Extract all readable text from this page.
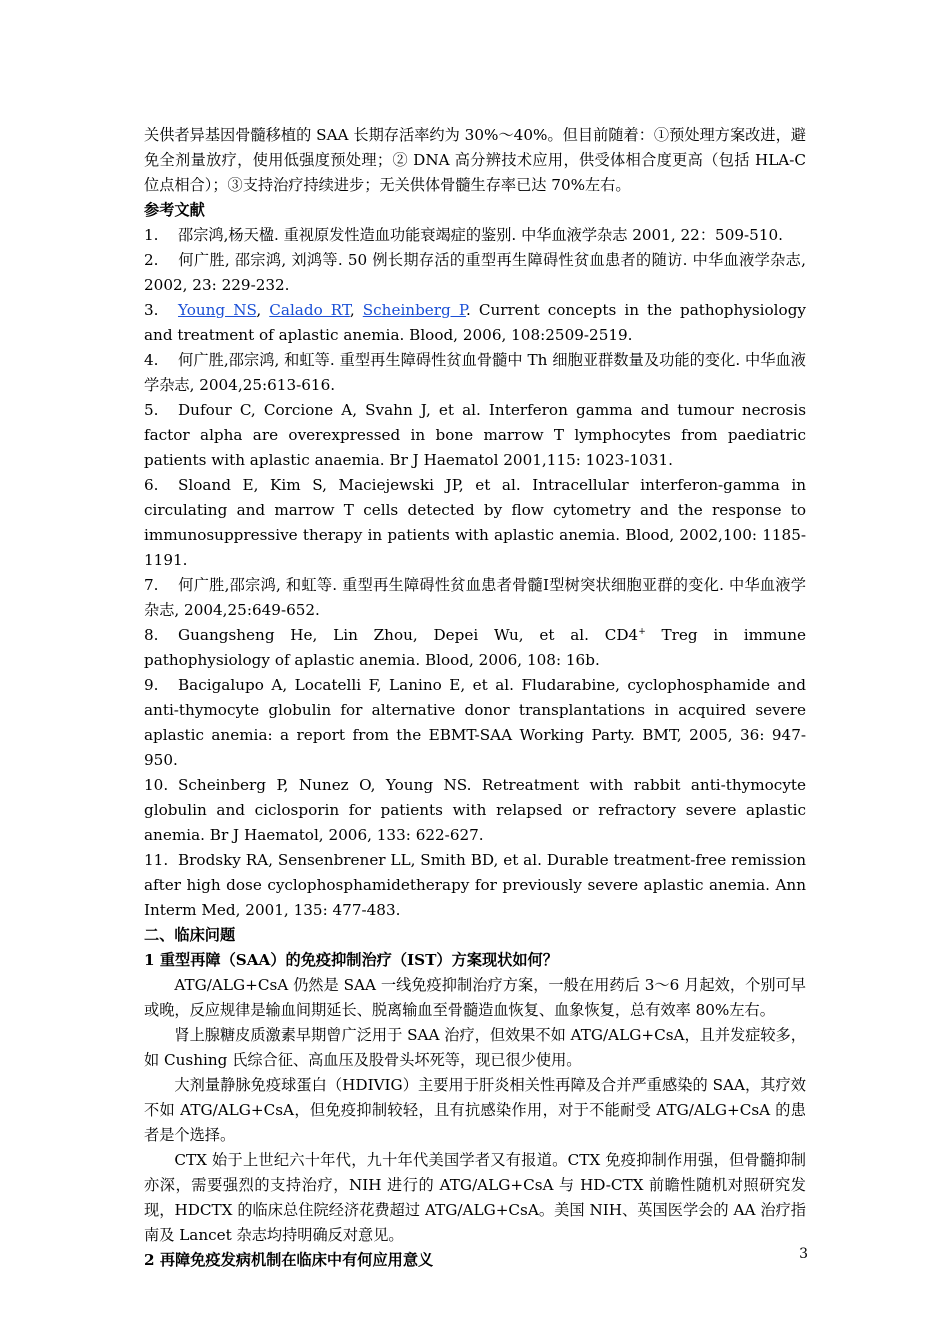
关供者异基因骨髓移植的 SAA 长期存活率约为 30%～40%。但目前随着：①预处理方案改进，避免全剂量放疗，使用低强度预处理；② DNA 高分辨技术应用，供受体相合度更高（包括 HLA-C 位点相合）；③支持治疗持续进步；无关供体骨髓生存率已达 70%左右。

参考文献

1. 邵宗鸿,杨天楹. 重视原发性造血功能衰竭症的鉴别. 中华血液学杂志 2001, 22：509-510.

2. 何广胜, 邵宗鸿, 刘鸿等. 50 例长期存活的重型再生障碍性贫血患者的随访. 中华血液学杂志, 2002, 23: 229-232.

3. Young NS, Calado RT, Scheinberg P. Current concepts in the pathophysiology and treatment of aplastic anemia. Blood, 2006, 108:2509-2519.

4. 何广胜,邵宗鸿, 和虹等. 重型再生障碍性贫血骨髓中 Th 细胞亚群数量及功能的变化. 中华血液学杂志, 2004,25:613-616.

5. Dufour C, Corcione A, Svahn J, et al. Interferon gamma and tumour necrosis factor alpha are overexpressed in bone marrow T lymphocytes from paediatric patients with aplastic anaemia. Br J Haematol 2001,115: 1023-1031.

6. Sloand E, Kim S, Maciejewski JP, et al. Intracellular interferon-gamma in circulating and marrow T cells detected by flow cytometry and the response to immunosuppressive therapy in patients with aplastic anemia. Blood, 2002,100: 1185-1191.

7. 何广胜,邵宗鸿, 和虹等. 重型再生障碍性贫血患者骨髓Ⅰ型树突状细胞亚群的变化. 中华血液学杂志, 2004,25:649-652.

8. Guangsheng He, Lin Zhou, Depei Wu, et al. CD4+ Treg in immune pathophysiology of aplastic anemia. Blood, 2006, 108: 16b.

9. Bacigalupo A, Locatelli F, Lanino E, et al. Fludarabine, cyclophosphamide and anti-thymocyte globulin for alternative donor transplantations in acquired severe aplastic anemia: a report from the EBMT-SAA Working Party. BMT, 2005, 36: 947-950.

10. Scheinberg P, Nunez O, Young NS. Retreatment with rabbit anti-thymocyte globulin and ciclosporin for patients with relapsed or refractory severe aplastic anemia. Br J Haematol, 2006, 133: 622-627.

11. Brodsky RA, Sensenbrener LL, Smith BD, et al. Durable treatment-free remission after high dose cyclophosphamidetherapy for previously severe aplastic anemia. Ann Interm Med, 2001, 135: 477-483.

二、临床问题

1 重型再障（SAA）的免疫抑制治疗（IST）方案现状如何？

ATG/ALG+CsA 仍然是 SAA 一线免疫抑制治疗方案，一般在用药后 3～6 月起效，个别可早或晚，反应规律是输血间期延长、脱离输血至骨髓造血恢复、血象恢复，总有效率 80%左右。

肾上腺糖皮质激素早期曾广泛用于 SAA 治疗，但效果不如 ATG/ALG+CsA，且并发症较多，如 Cushing 氏综合征、高血压及股骨头坏死等，现已很少使用。

大剂量静脉免疫球蛋白（HDIVIG）主要用于肝炎相关性再障及合并严重感染的 SAA，其疗效不如 ATG/ALG+CsA，但免疫抑制较轻，且有抗感染作用，对于不能耐受 ATG/ALG+CsA 的患者是个选择。

CTX 始于上世纪六十年代，九十年代美国学者又有报道。CTX 免疫抑制作用强，但骨髓抑制亦深，需要强烈的支持治疗，NIH 进行的 ATG/ALG+CsA 与 HD-CTX 前瞻性随机对照研究发现，HDCTX 的临床总住院经济花费超过 ATG/ALG+CsA。美国 NIH、英国医学会的 AA 治疗指南及 Lancet 杂志均持明确反对意见。

2 再障免疫发病机制在临床中有何应用意义	3
